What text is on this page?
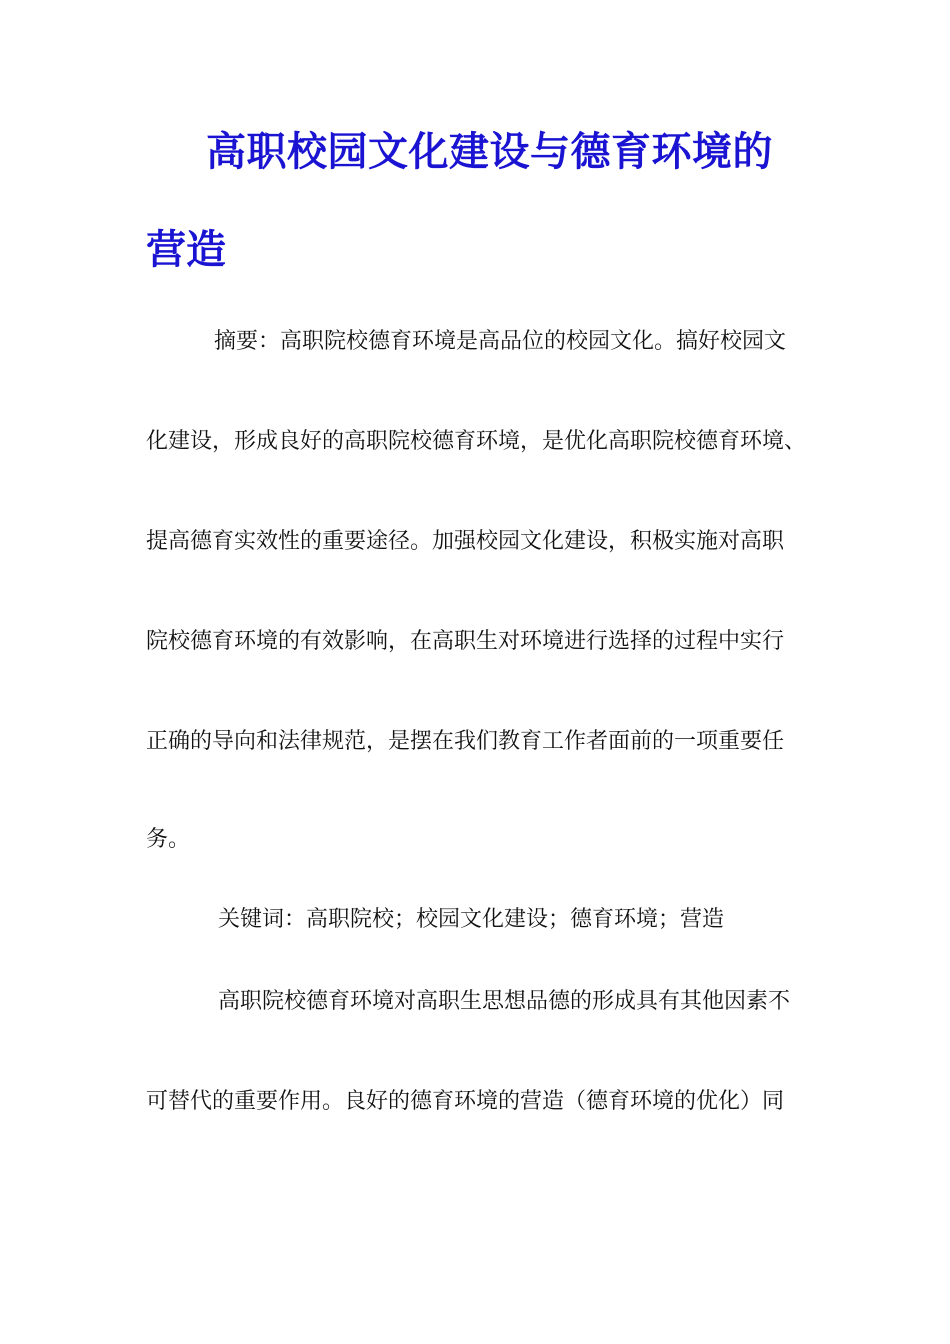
高职校园文化建设与德育环境的
营造

摘要：高职院校德育环境是高品位的校园文化。搞好校园文

化建设，形成良好的高职院校德育环境，是优化高职院校德育环境、

提高德育实效性的重要途径。加强校园文化建设，积极实施对高职

院校德育环境的有效影响，在高职生对环境进行选择的过程中实行

正确的导向和法律规范，是摆在我们教育工作者面前的一项重要任

务。

关键词：高职院校；校园文化建设；德育环境；营造

高职院校德育环境对高职生思想品德的形成具有其他因素不

可替代的重要作用。良好的德育环境的营造（德育环境的优化）同
